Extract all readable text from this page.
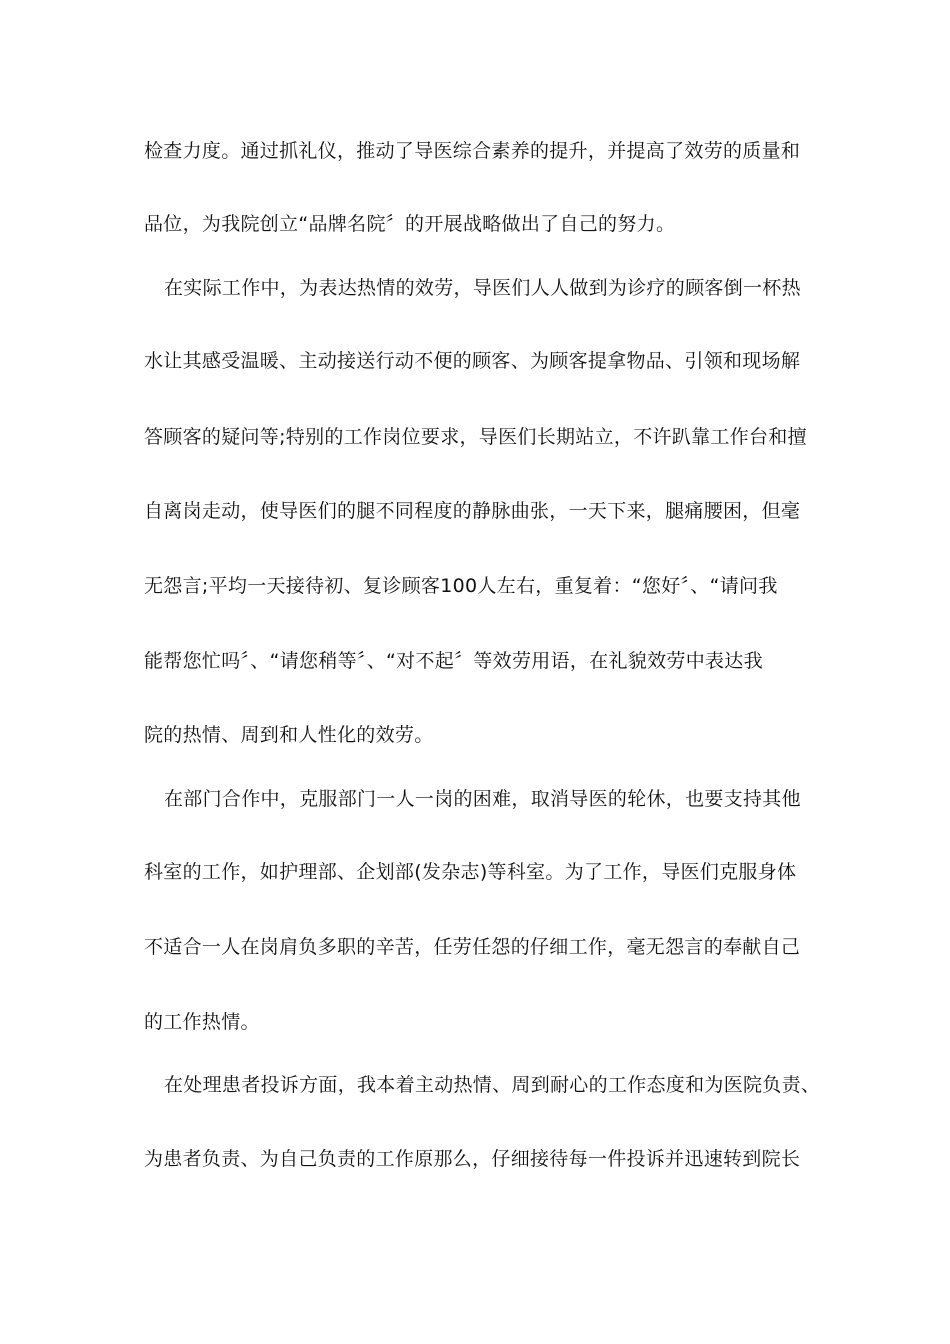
检查力度。通过抓礼仪，推动了导医综合素养的提升，并提高了效劳的质量和
品位，为我院创立“品牌名院〞的开展战略做出了自己的努力。
在实际工作中，为表达热情的效劳，导医们人人做到为诊疗的顾客倒一杯热
水让其感受温暖、主动接送行动不便的顾客、为顾客提拿物品、引领和现场解
答顾客的疑问等;特别的工作岗位要求，导医们长期站立，不许趴靠工作台和擅
自离岗走动，使导医们的腿不同程度的静脉曲张，一天下来，腿痛腰困，但毫
无怨言;平均一天接待初、复诊顾客100人左右，重复着：“您好〞、“请问我
能帮您忙吗〞、“请您稍等〞、“对不起〞等效劳用语，在礼貌效劳中表达我
院的热情、周到和人性化的效劳。
在部门合作中，克服部门一人一岗的困难，取消导医的轮休，也要支持其他
科室的工作，如护理部、企划部(发杂志)等科室。为了工作，导医们克服身体
不适合一人在岗肩负多职的辛苦，任劳任怨的仔细工作，毫无怨言的奉献自己
的工作热情。
在处理患者投诉方面，我本着主动热情、周到耐心的工作态度和为医院负责、
为患者负责、为自己负责的工作原那么，仔细接待每一件投诉并迅速转到院长
